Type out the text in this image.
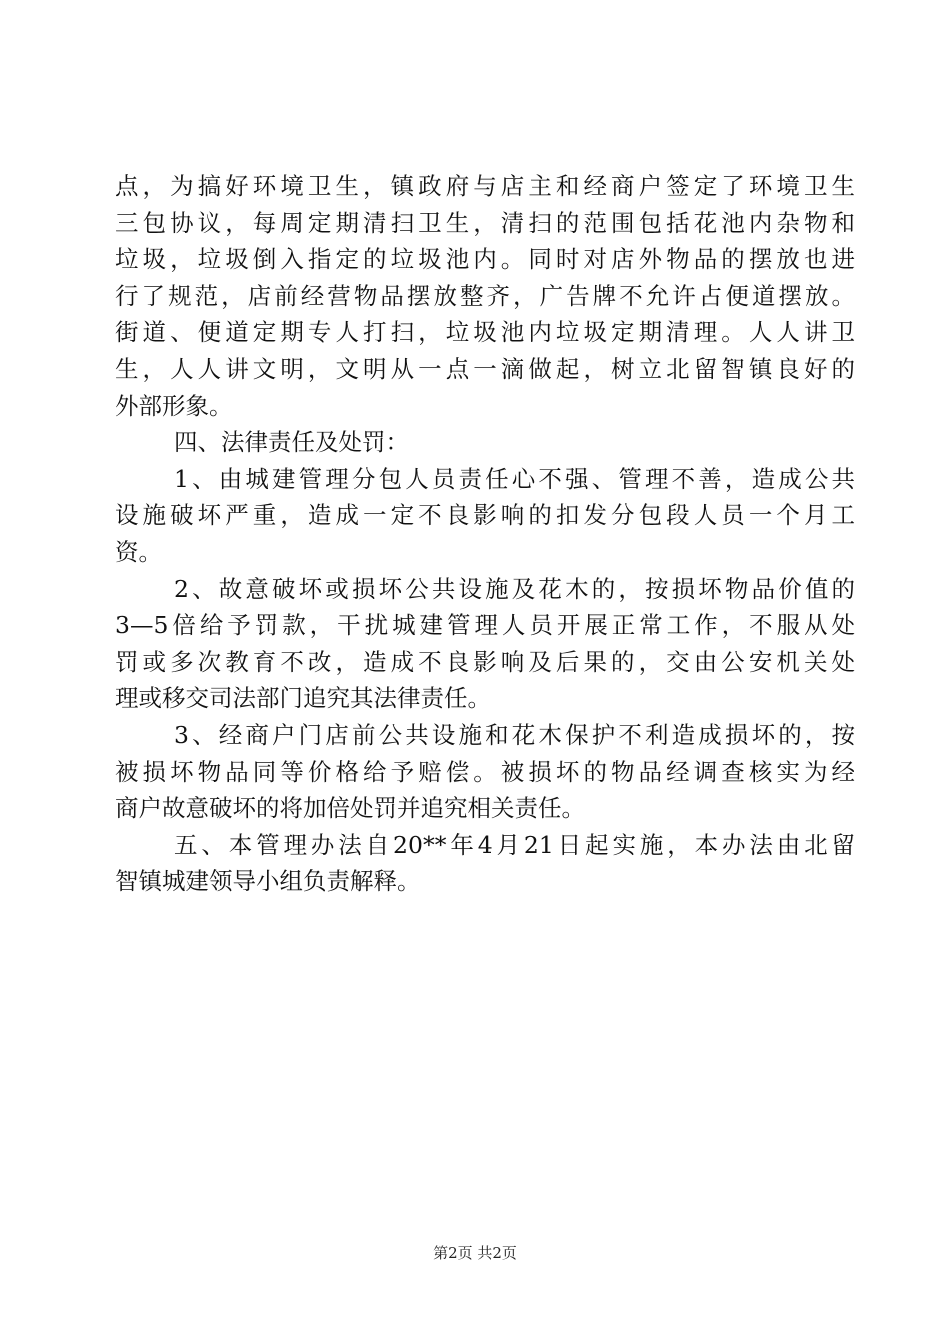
点，为搞好环境卫生，镇政府与店主和经商户签定了环境卫生
三包协议，每周定期清扫卫生，清扫的范围包括花池内杂物和
垃圾，垃圾倒入指定的垃圾池内。同时对店外物品的摆放也进
行了规范，店前经营物品摆放整齐，广告牌不允许占便道摆放。
街道、便道定期专人打扫，垃圾池内垃圾定期清理。人人讲卫
生，人人讲文明，文明从一点一滴做起，树立北留智镇良好的
外部形象。
四、法律责任及处罚：
1、由城建管理分包人员责任心不强、管理不善，造成公共
设施破坏严重，造成一定不良影响的扣发分包段人员一个月工
资。
2、故意破坏或损坏公共设施及花木的，按损坏物品价值的
3—5倍给予罚款，干扰城建管理人员开展正常工作，不服从处
罚或多次教育不改，造成不良影响及后果的，交由公安机关处
理或移交司法部门追究其法律责任。
3、经商户门店前公共设施和花木保护不利造成损坏的，按
被损坏物品同等价格给予赔偿。被损坏的物品经调查核实为经
商户故意破坏的将加倍处罚并追究相关责任。
五、本管理办法自20**年4月21日起实施，本办法由北留
智镇城建领导小组负责解释。
第2页 共2页
